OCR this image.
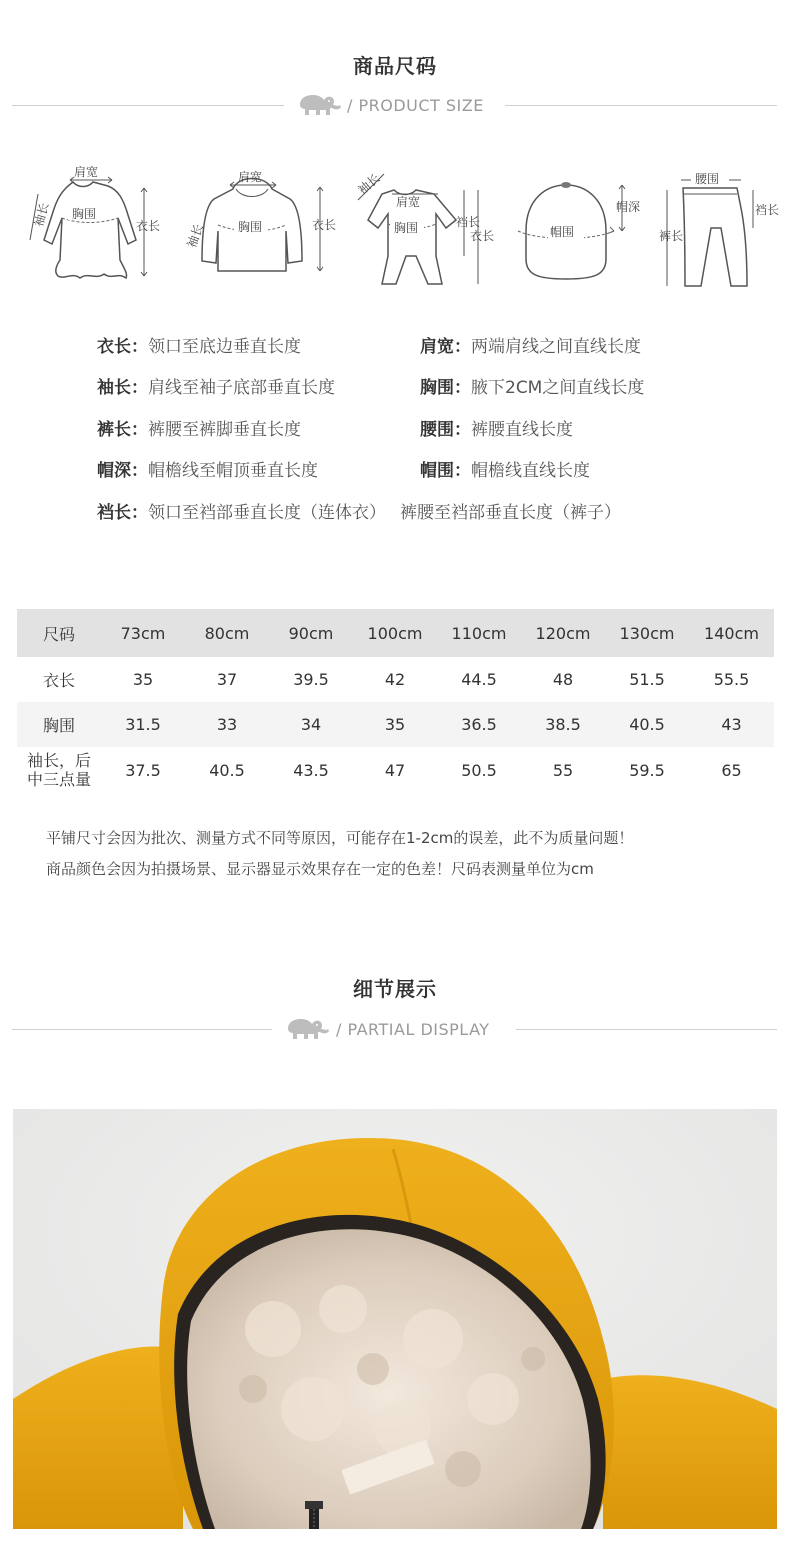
商品尺码
/ PRODUCT SIZE
肩宽
胸围
袖长	衣长
肩宽
胸围
袖长	衣长
肩宽
胸围
袖长
裆长
衣长	帽围
帽深
腰围
裤长
裆长
衣长：领口至底边垂直长度	肩宽：两端肩线之间直线长度
袖长：肩线至袖子底部垂直长度	胸围：腋下2CM之间直线长度
裤长：裤腰至裤脚垂直长度	腰围：裤腰直线长度
帽深：帽檐线至帽顶垂直长度	帽围：帽檐线直线长度
裆长：领口至裆部垂直长度（连体衣） 裤腰至裆部垂直长度（裤子）
尺码	73cm	80cm	90cm	100cm	110cm	120cm	130cm	140cm
衣长	35	37	39.5	42	44.5	48	51.5	55.5
胸围	31.5	33	34	35	36.5	38.5	40.5	43
袖长，后
中三点量	37.5	40.5	43.5	47	50.5	55	59.5	65
平铺尺寸会因为批次、测量方式不同等原因，可能存在1-2cm的误差，此不为质量问题！
商品颜色会因为拍摄场景、显示器显示效果存在一定的色差！尺码表测量单位为cm
细节展示
/ PARTIAL DISPLAY
